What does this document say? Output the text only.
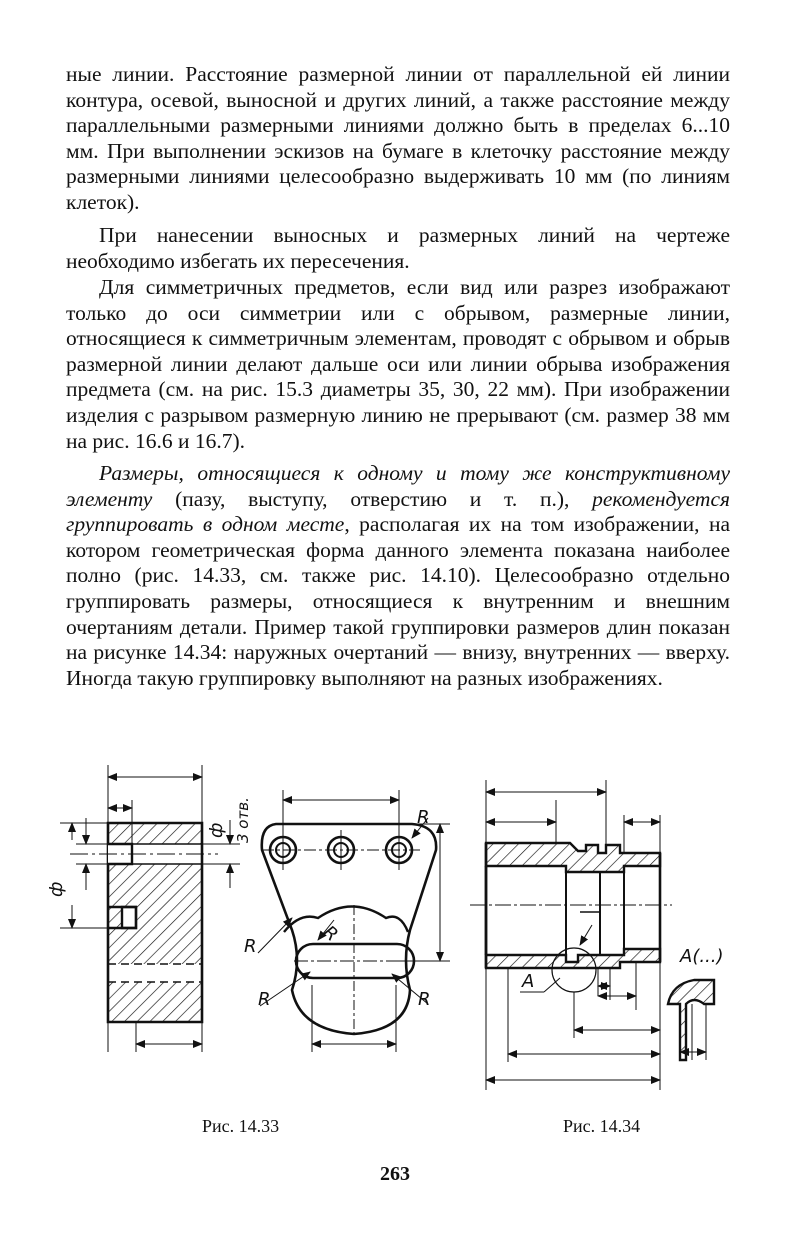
ные линии. Расстояние размерной линии от параллельной ей линии контура, осевой, выносной и других линий, а также расстояние между параллельными размерными линиями должно быть в пределах 6...10 мм. При выполнении эскизов на бумаге в клеточку расстояние между размерными линиями целесообразно выдерживать 10 мм (по линиям клеток).

При нанесении выносных и размерных линий на чертеже необходимо избегать их пересечения.

Для симметричных предметов, если вид или разрез изображают только до оси симметрии или с обрывом, размерные линии, относящиеся к симметричным элементам, проводят с обрывом и обрыв размерной линии делают дальше оси или линии обрыва изображения предмета (см. на рис. 15.3 диаметры 35, 30, 22 мм). При изображении изделия с разрывом размерную линию не прерывают (см. размер 38 мм на рис. 16.6 и 16.7).

Размеры, относящиеся к одному и тому же конструктивному элементу (пазу, выступу, отверстию и т. п.), рекомендуется группировать в одном месте, располагая их на том изображении, на котором геометрическая форма данного элемента показана наиболее полно (рис. 14.33, см. также рис. 14.10). Целесообразно отдельно группировать размеры, относящиеся к внутренним и внешним очертаниям детали. Пример такой группировки размеров длин показан на рисунке 14.34: наружных очертаний — внизу, внутренних — вверху. Иногда такую группировку выполняют на разных изображениях.

ф
ф 3 отв.	R
R
R
R	R
A
A(...)
Рис. 14.33	Рис. 14.34
263
